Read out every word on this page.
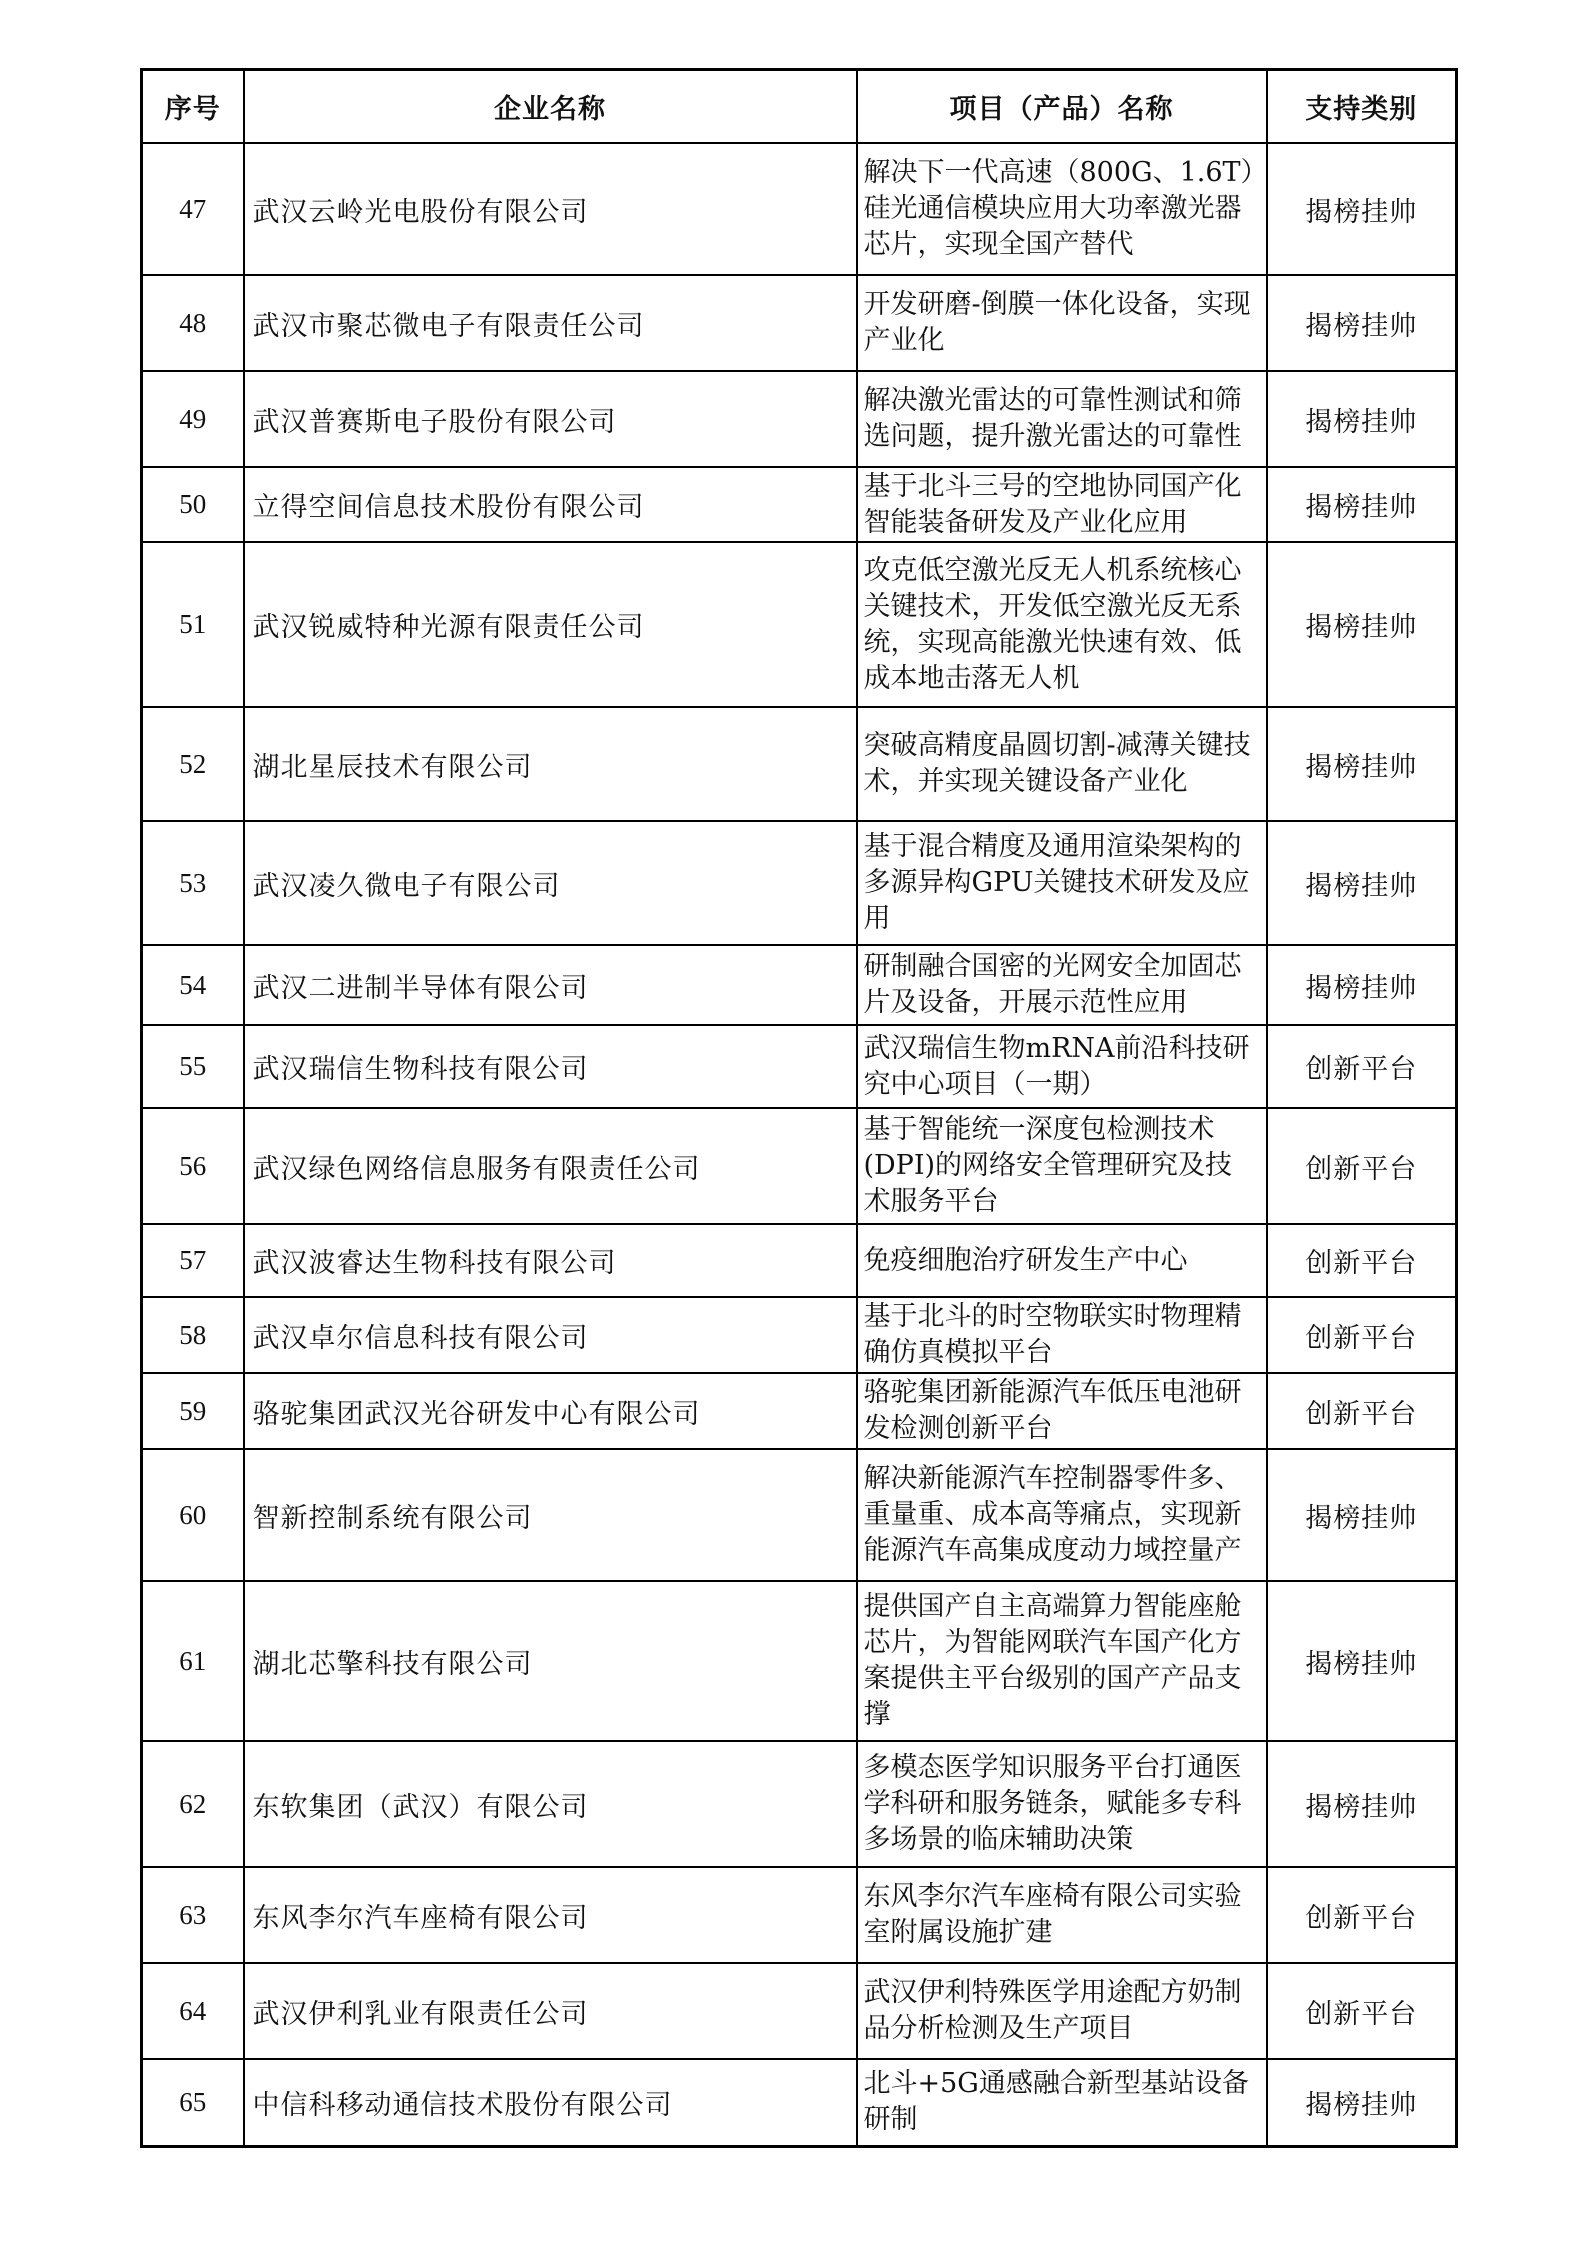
序号	企业名称	项目（产品）名称	支持类别
47	武汉云岭光电股份有限公司	解决下一代高速（800G、1.6T）硅光通信模块应用大功率激光器芯片，实现全国产替代	揭榜挂帅
48	武汉市聚芯微电子有限责任公司	开发研磨-倒膜一体化设备，实现产业化	揭榜挂帅
49	武汉普赛斯电子股份有限公司	解决激光雷达的可靠性测试和筛选问题，提升激光雷达的可靠性	揭榜挂帅
50	立得空间信息技术股份有限公司	基于北斗三号的空地协同国产化智能装备研发及产业化应用	揭榜挂帅
51	武汉锐威特种光源有限责任公司	攻克低空激光反无人机系统核心关键技术，开发低空激光反无系统，实现高能激光快速有效、低成本地击落无人机	揭榜挂帅
52	湖北星辰技术有限公司	突破高精度晶圆切割-减薄关键技术，并实现关键设备产业化	揭榜挂帅
53	武汉凌久微电子有限公司	基于混合精度及通用渲染架构的多源异构GPU关键技术研发及应用	揭榜挂帅
54	武汉二进制半导体有限公司	研制融合国密的光网安全加固芯片及设备，开展示范性应用	揭榜挂帅
55	武汉瑞信生物科技有限公司	武汉瑞信生物mRNA前沿科技研究中心项目（一期）	创新平台
56	武汉绿色网络信息服务有限责任公司	基于智能统一深度包检测技术(DPI)的网络安全管理研究及技术服务平台	创新平台
57	武汉波睿达生物科技有限公司	免疫细胞治疗研发生产中心	创新平台
58	武汉卓尔信息科技有限公司	基于北斗的时空物联实时物理精确仿真模拟平台	创新平台
59	骆驼集团武汉光谷研发中心有限公司	骆驼集团新能源汽车低压电池研发检测创新平台	创新平台
60	智新控制系统有限公司	解决新能源汽车控制器零件多、重量重、成本高等痛点，实现新能源汽车高集成度动力域控量产	揭榜挂帅
61	湖北芯擎科技有限公司	提供国产自主高端算力智能座舱芯片，为智能网联汽车国产化方案提供主平台级别的国产产品支撑	揭榜挂帅
62	东软集团（武汉）有限公司	多模态医学知识服务平台打通医学科研和服务链条，赋能多专科多场景的临床辅助决策	揭榜挂帅
63	东风李尔汽车座椅有限公司	东风李尔汽车座椅有限公司实验室附属设施扩建	创新平台
64	武汉伊利乳业有限责任公司	武汉伊利特殊医学用途配方奶制品分析检测及生产项目	创新平台
65	中信科移动通信技术股份有限公司	北斗+5G通感融合新型基站设备研制	揭榜挂帅
